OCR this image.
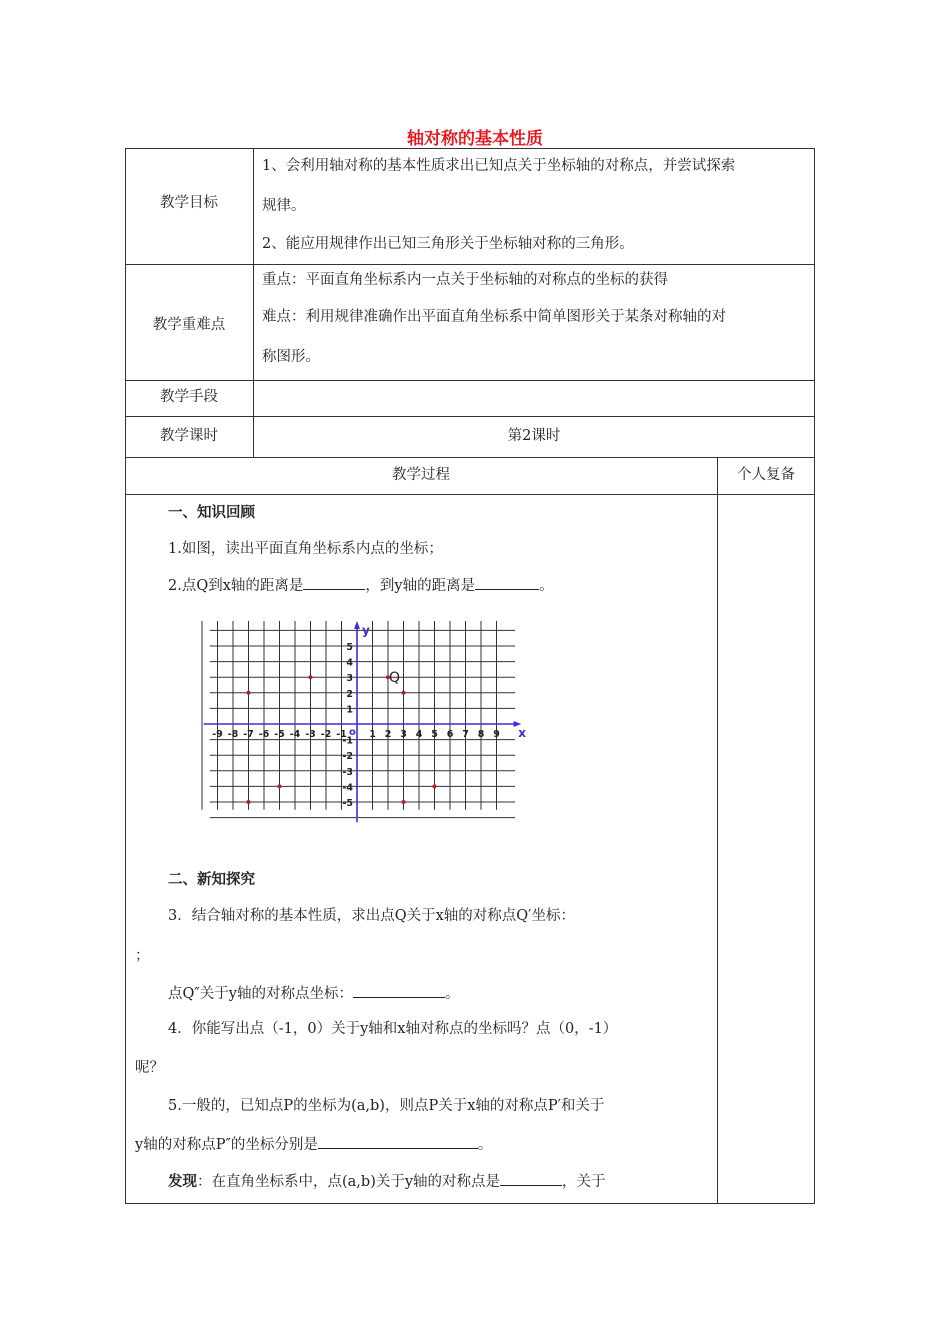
轴对称的基本性质
教学目标
1、会利用轴对称的基本性质求出已知点关于坐标轴的对称点，并尝试探索
规律。
2、能应用规律作出已知三角形关于坐标轴对称的三角形。
教学重难点
重点：平面直角坐标系内一点关于坐标轴的对称点的坐标的获得
难点：利用规律准确作出平面直角坐标系中简单图形关于某条对称轴的对
称图形。
教学手段
教学课时	第2课时
教学过程	个人复备
一、知识回顾
1.如图，读出平面直角坐标系内点的坐标；
2.点Q到x轴的距离是	，到y轴的距离是	。
x
y
o
-9 -8 -7 -6 -5 -4 -3 -2 -1 1 2 3 4 5 6 7 8 9
5
4
3
2
1
-1
-2
-3
-4
-5
Q
二、新知探究
3．结合轴对称的基本性质，求出点Q关于x轴的对称点Q′坐标：
；
点Q″关于y轴的对称点坐标：	。
4．你能写出点（-1，0）关于y轴和x轴对称点的坐标吗？点（0，-1）
呢？
5.一般的，已知点P的坐标为(a,b)，则点P关于x轴的对称点P′和关于
y轴的对称点P″的坐标分别是	。
发现：在直角坐标系中，点(a,b)关于y轴的对称点是	，关于
